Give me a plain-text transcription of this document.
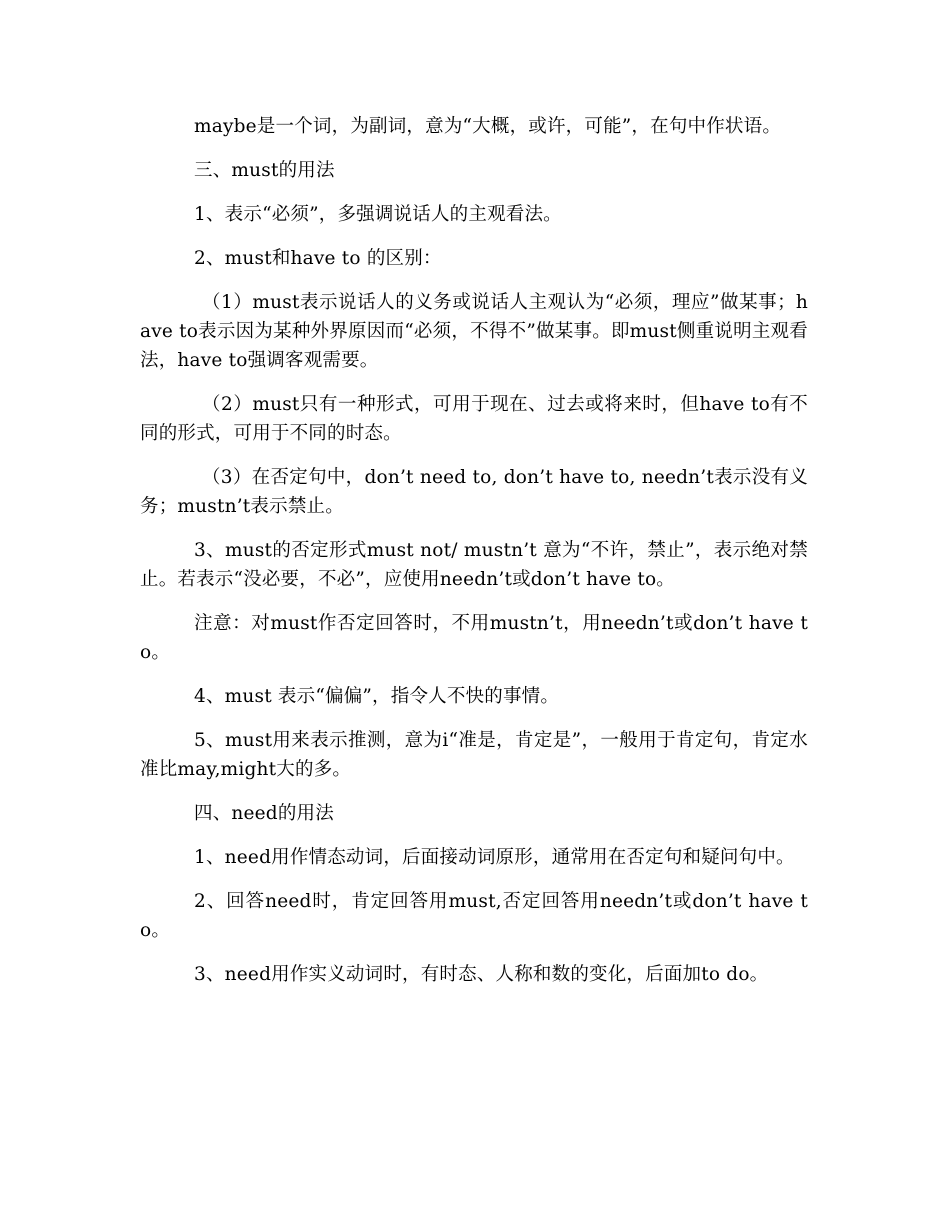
maybe是一个词，为副词，意为“大概，或许，可能”，在句中作状语。

三、must的用法

1、表示“必须”，多强调说话人的主观看法。

2、must和have to 的区别：

（1）must表示说话人的义务或说话人主观认为“必须，理应”做某事；have to表示因为某种外界原因而“必须，不得不”做某事。即must侧重说明主观看法，have to强调客观需要。

（2）must只有一种形式，可用于现在、过去或将来时，但have to有不同的形式，可用于不同的时态。

（3）在否定句中，don’t need to, don’t have to, needn’t表示没有义务；mustn’t表示禁止。

3、must的否定形式must not/ mustn’t 意为“不许，禁止”，表示绝对禁止。若表示“没必要，不必”，应使用needn’t或don’t have to。

注意：对must作否定回答时，不用mustn’t，用needn’t或don’t have to。

4、must 表示“偏偏”，指令人不快的事情。

5、must用来表示推测，意为i“准是，肯定是”，一般用于肯定句，肯定水准比may,might大的多。

四、need的用法

1、need用作情态动词，后面接动词原形，通常用在否定句和疑问句中。

2、回答need时，肯定回答用must,否定回答用needn’t或don’t have to。

3、need用作实义动词时，有时态、人称和数的变化，后面加to do。
